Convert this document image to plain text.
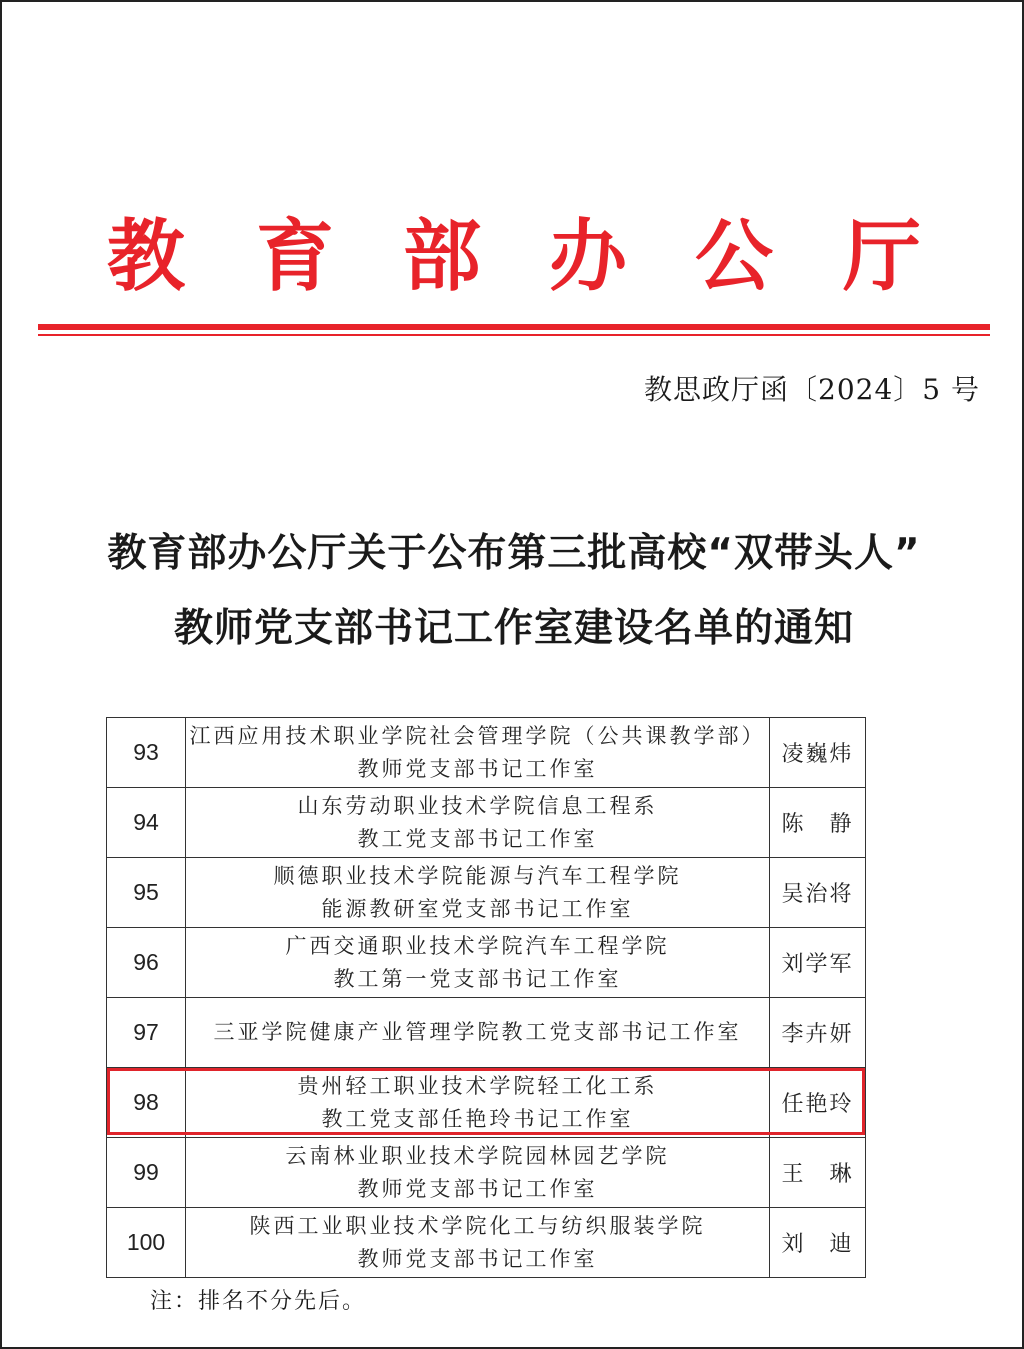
教 育 部 办 公 厅
教思政厅函〔2024〕5 号
教育部办公厅关于公布第三批高校“双带头人”
教师党支部书记工作室建设名单的通知
93	江西应用技术职业学院社会管理学院（公共课教学部）
教师党支部书记工作室	凌巍炜
94	山东劳动职业技术学院信息工程系
教工党支部书记工作室	陈　静
95	顺德职业技术学院能源与汽车工程学院
能源教研室党支部书记工作室	吴治将
96	广西交通职业技术学院汽车工程学院
教工第一党支部书记工作室	刘学军
97	三亚学院健康产业管理学院教工党支部书记工作室	李卉妍
98	贵州轻工职业技术学院轻工化工系
教工党支部任艳玲书记工作室	任艳玲
99	云南林业职业技术学院园林园艺学院
教师党支部书记工作室	王　琳
100	陕西工业职业技术学院化工与纺织服装学院
教师党支部书记工作室	刘　迪
注：排名不分先后。
